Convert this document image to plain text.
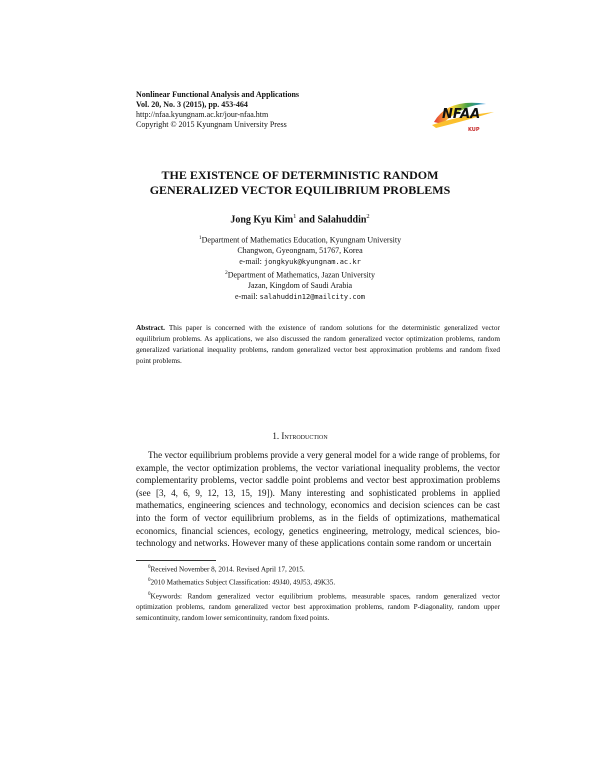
Nonlinear Functional Analysis and Applications
Vol. 20, No. 3 (2015), pp. 453-464
http://nfaa.kyungnam.ac.kr/jour-nfaa.htm
Copyright © 2015 Kyungnam University Press
NFAA
KUP
THE EXISTENCE OF DETERMINISTIC RANDOM
GENERALIZED VECTOR EQUILIBRIUM PROBLEMS
Jong Kyu Kim$^1$ and Salahuddin$^2$
$^1$Department of Mathematics Education, Kyungnam University
Changwon, Gyeongnam, 51767, Korea
e-mail: jongkyuk@kyungnam.ac.kr
$^2$Department of Mathematics, Jazan University
Jazan, Kingdom of Saudi Arabia
e-mail: salahuddin12@mailcity.com
Abstract. This paper is concerned with the existence of random solutions for the deterministic generalized vector equilibrium problems. As applications, we also discussed the random generalized vector optimization problems, random generalized variational inequality problems, random generalized vector best approximation problems and random fixed point problems.
1. Introduction
The vector equilibrium problems provide a very general model for a wide range of problems, for example, the vector optimization problems, the vector variational inequality problems, the vector complementarity problems, vector saddle point problems and vector best approximation problems (see [3, 4, 6, 9, 12, 13, 15, 19]). Many interesting and sophisticated problems in applied mathematics, engineering sciences and technology, economics and decision sciences can be cast into the form of vector equilibrium problems, as in the fields of optimizations, mathematical economics, financial sciences, ecology, genetics engineering, metrology, medical sciences, bio-technology and networks. However many of these applications contain some random or uncertain

$^0$Received November 8, 2014. Revised April 17, 2015.

$^0$2010 Mathematics Subject Classification: 49J40, 49J53, 49K35.

$^0$Keywords: Random generalized vector equilibrium problems, measurable spaces, random generalized vector optimization problems, random generalized vector best approximation problems, random P-diagonality, random upper semicontinuity, random lower semicontinuity, random fixed points.
